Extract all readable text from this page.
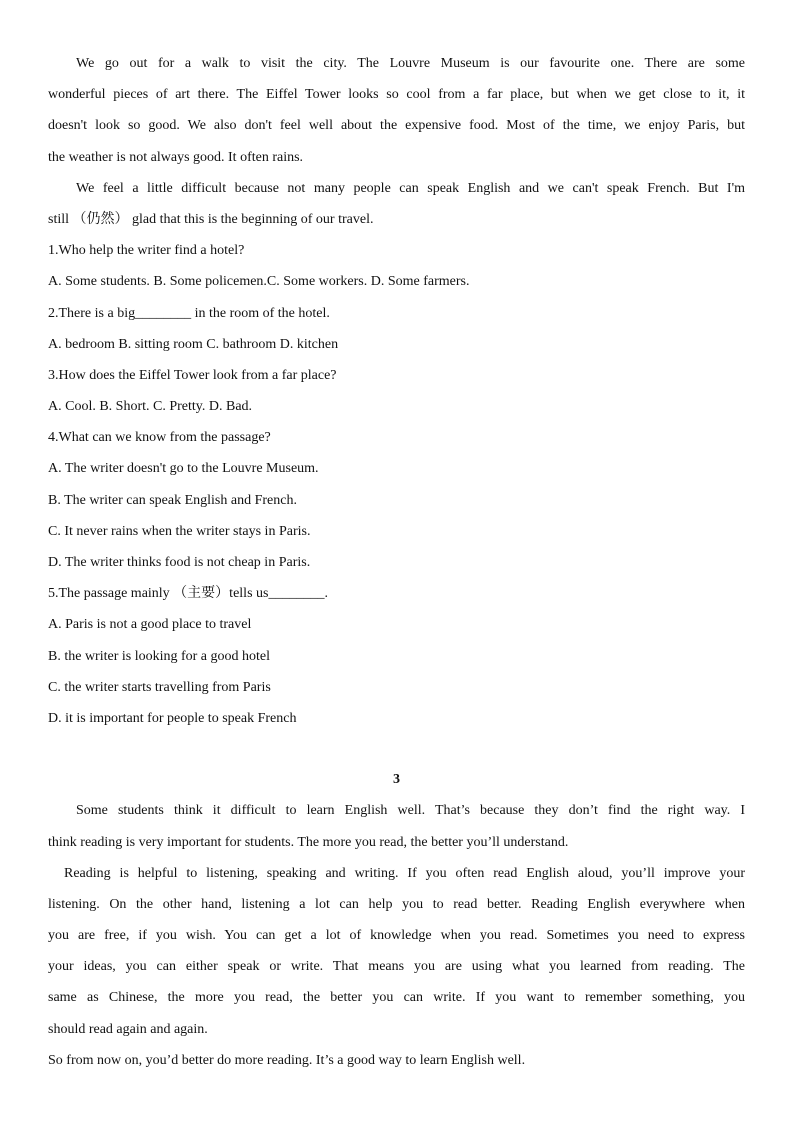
We go out for a walk to visit the city. The Louvre Museum is our favourite one. There are some
wonderful pieces of art there. The Eiffel Tower looks so cool from a far place, but when we get close to it, it
doesn't look so good. We also don't feel well about the expensive food. Most of the time, we enjoy Paris, but
the weather is not always good. It often rains.
We feel a little difficult because not many people can speak English and we can't speak French. But I'm
still （仍然） glad that this is the beginning of our travel.
1.Who help the writer find a hotel?
A. Some students. B. Some policemen.C. Some workers. D. Some farmers.
2.There is a big________ in the room of the hotel.
A. bedroom B. sitting room C. bathroom D. kitchen
3.How does the Eiffel Tower look from a far place?
A. Cool. B. Short. C. Pretty. D. Bad.
4.What can we know from the passage?
A. The writer doesn't go to the Louvre Museum.
B. The writer can speak English and French.
C. It never rains when the writer stays in Paris.
D. The writer thinks food is not cheap in Paris.
5.The passage mainly （主要）tells us________.
A. Paris is not a good place to travel
B. the writer is looking for a good hotel
C. the writer starts travelling from Paris
D. it is important for people to speak French
3
Some students think it difficult to learn English well. That’s because they don’t find the right way. I
think reading is very important for students. The more you read, the better you’ll understand.
Reading is helpful to listening, speaking and writing. If you often read English aloud, you’ll improve your
listening. On the other hand, listening a lot can help you to read better. Reading English everywhere when
you are free, if you wish. You can get a lot of knowledge when you read. Sometimes you need to express
your ideas, you can either speak or write. That means you are using what you learned from reading. The
same as Chinese, the more you read, the better you can write. If you want to remember something, you
should read again and again.
So from now on, you’d better do more reading. It’s a good way to learn English well.
